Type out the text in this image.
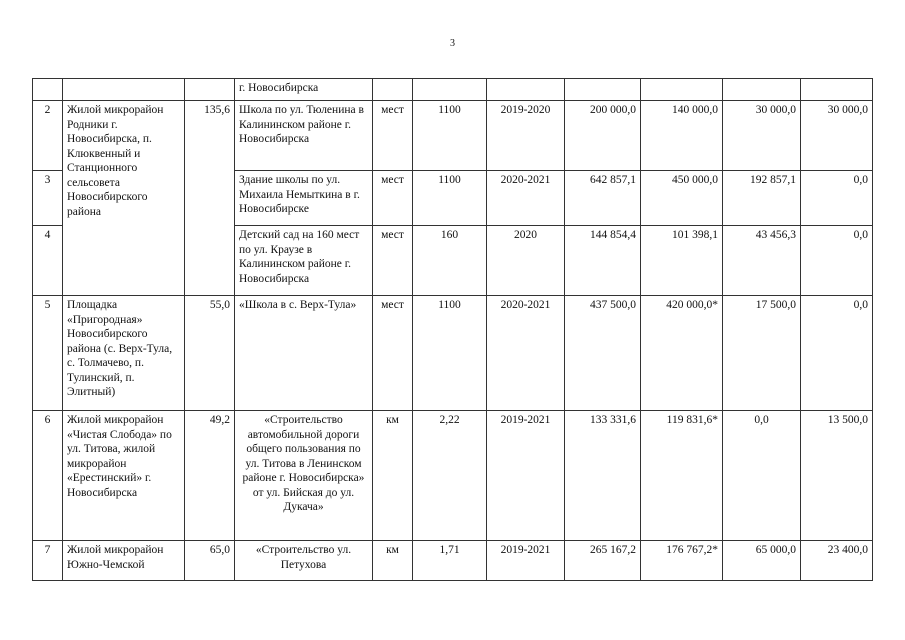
3
			г. Новосибирска							
2	Жилой микрорайон Родники г. Новосибирска, п. Клюквенный и Станционного сельсовета Новосибирского района	135,6	Школа по ул. Тюленина в Калининском районе г. Новосибирска	мест	1100	2019-2020	200 000,0	140 000,0	30 000,0	30 000,0
3			Здание школы по ул. Михаила Немыткина в г. Новосибирске	мест	1100	2020-2021	642 857,1	450 000,0	192 857,1	0,0
4			Детский сад на 160 мест по ул. Краузе в Калининском районе г. Новосибирска	мест	160	2020	144 854,4	101 398,1	43 456,3	0,0
5	Площадка «Пригородная» Новосибирского района (с. Верх-Тула, с. Толмачево, п. Тулинский, п. Элитный)	55,0	«Школа в с. Верх-Тула»	мест	1100	2020-2021	437 500,0	420 000,0*	17 500,0	0,0
6	Жилой микрорайон «Чистая Слобода» по ул. Титова, жилой микрорайон «Ерестинский» г. Новосибирска	49,2	«Строительство автомобильной дороги общего пользования по ул. Титова в Ленинском районе г. Новосибирска» от ул. Бийская до ул. Дукача»	км	2,22	2019-2021	133 331,6	119 831,6*	0,0	13 500,0
7	Жилой микрорайон Южно-Чемской	65,0	«Строительство ул. Петухова	км	1,71	2019-2021	265 167,2	176 767,2*	65 000,0	23 400,0
